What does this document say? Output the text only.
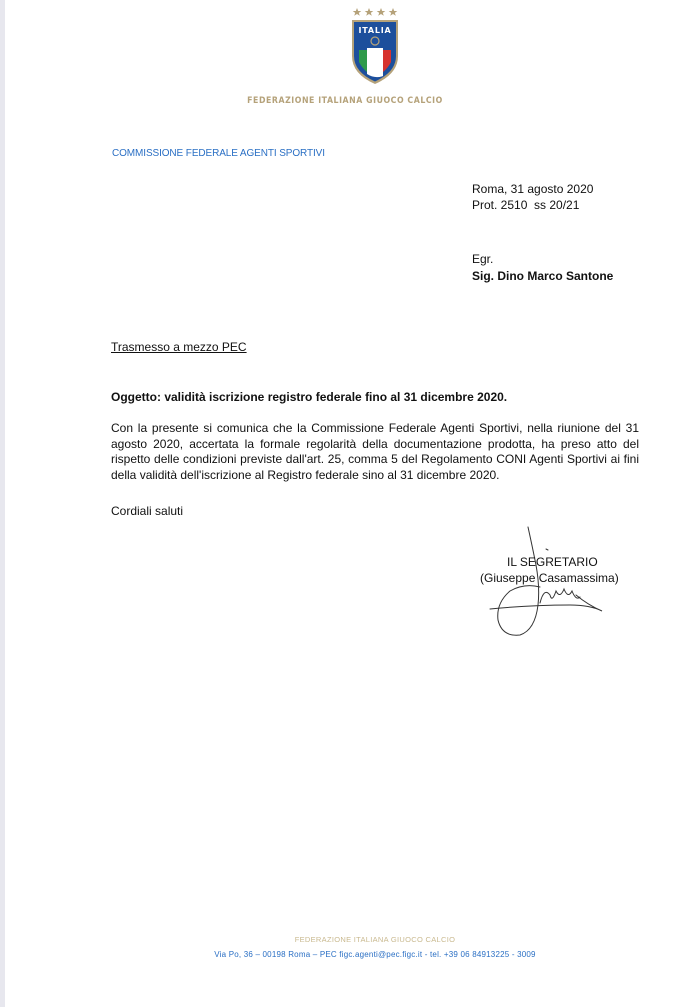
ITALIA
FEDERAZIONE ITALIANA GIUOCO CALCIO
COMMISSIONE FEDERALE AGENTI SPORTIVI
Roma, 31 agosto 2020
Prot. 2510  ss 20/21
Egr.
Sig. Dino Marco Santone
Trasmesso a mezzo PEC
Oggetto: validità iscrizione registro federale fino al 31 dicembre 2020.
Con la presente si comunica che la Commissione Federale Agenti Sportivi, nella riunione del 31 agosto 2020, accertata la formale regolarità della documentazione prodotta, ha preso atto del rispetto delle condizioni previste dall'art. 25, comma 5 del Regolamento CONI Agenti Sportivi ai fini della validità dell'iscrizione al Registro federale sino al 31 dicembre 2020.
Cordiali saluti
IL SEGRETARIO
(Giuseppe Casamassima)
FEDERAZIONE ITALIANA GIUOCO CALCIO
Via Po, 36 – 00198 Roma – PEC figc.agenti@pec.figc.it - tel. +39 06 84913225 - 3009
